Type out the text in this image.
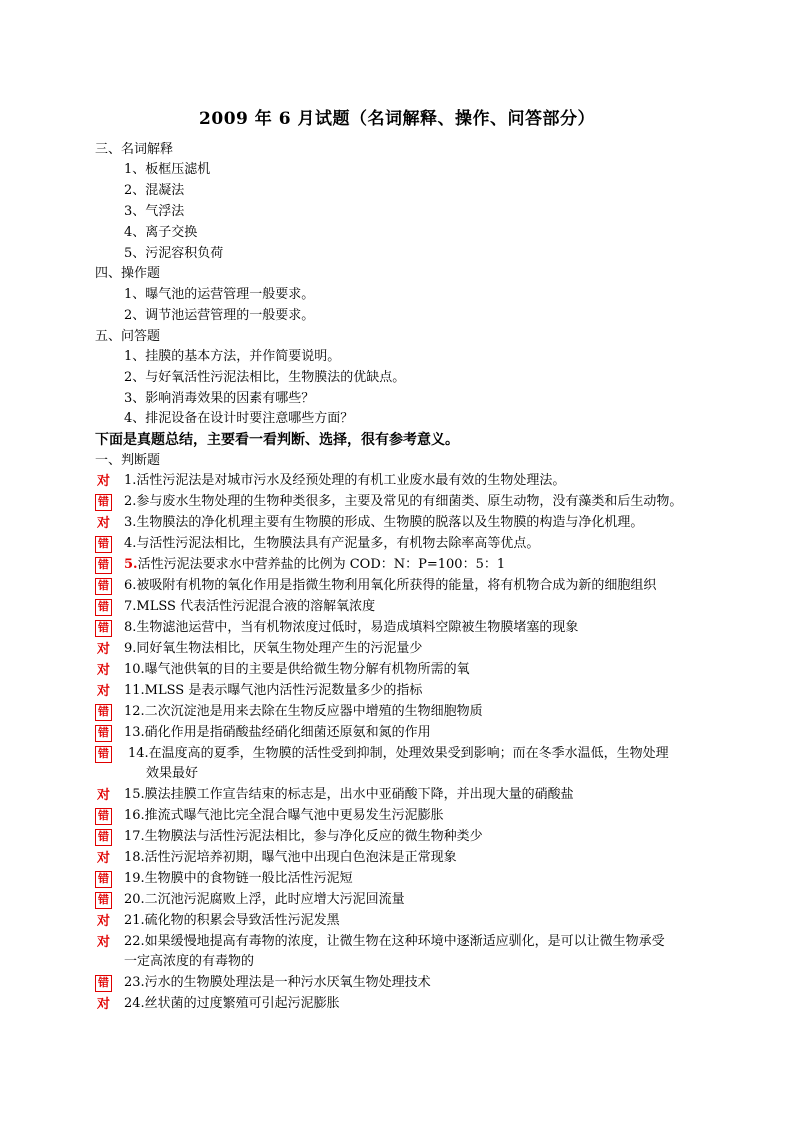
2009 年 6 月试题（名词解释、操作、问答部分）
三、名词解释
1、板框压滤机
2、混凝法
3、气浮法
4、离子交换
5、污泥容积负荷
四、操作题
1、曝气池的运营管理一般要求。
2、调节池运营管理的一般要求。
五、问答题
1、挂膜的基本方法，并作简要说明。
2、与好氧活性污泥法相比，生物膜法的优缺点。
3、影响消毒效果的因素有哪些？
4、排泥设备在设计时要注意哪些方面？
下面是真题总结，主要看一看判断、选择，很有参考意义。
一、判断题
对 1.活性污泥法是对城市污水及经预处理的有机工业废水最有效的生物处理法。
错 2.参与废水生物处理的生物种类很多，主要及常见的有细菌类、原生动物，没有藻类和后生动物。
对 3.生物膜法的净化机理主要有生物膜的形成、生物膜的脱落以及生物膜的构造与净化机理。
错 4.与活性污泥法相比，生物膜法具有产泥量多，有机物去除率高等优点。
错 5.活性污泥法要求水中营养盐的比例为 COD：N：P=100：5：1
错 6.被吸附有机物的氧化作用是指微生物利用氧化所获得的能量，将有机物合成为新的细胞组织
错 7.MLSS 代表活性污泥混合液的溶解氧浓度
错 8.生物滤池运营中，当有机物浓度过低时，易造成填料空隙被生物膜堵塞的现象
对 9.同好氧生物法相比，厌氧生物处理产生的污泥量少
对 10.曝气池供氧的目的主要是供给微生物分解有机物所需的氧
对 11.MLSS 是表示曝气池内活性污泥数量多少的指标
错 12.二次沉淀池是用来去除在生物反应器中增殖的生物细胞物质
错 13.硝化作用是指硝酸盐经硝化细菌还原氨和氮的作用
错 14.在温度高的夏季，生物膜的活性受到抑制，处理效果受到影响；而在冬季水温低，生物处理
效果最好
对 15.膜法挂膜工作宣告结束的标志是，出水中亚硝酸下降，并出现大量的硝酸盐
错 16.推流式曝气池比完全混合曝气池中更易发生污泥膨胀
错 17.生物膜法与活性污泥法相比，参与净化反应的微生物种类少
对 18.活性污泥培养初期，曝气池中出现白色泡沫是正常现象
错 19.生物膜中的食物链一般比活性污泥短
错 20.二沉池污泥腐败上浮，此时应增大污泥回流量
对 21.硫化物的积累会导致活性污泥发黑
对 22.如果缓慢地提高有毒物的浓度，让微生物在这种环境中逐渐适应驯化，是可以让微生物承受
一定高浓度的有毒物的
错 23.污水的生物膜处理法是一种污水厌氧生物处理技术
对 24.丝状菌的过度繁殖可引起污泥膨胀
